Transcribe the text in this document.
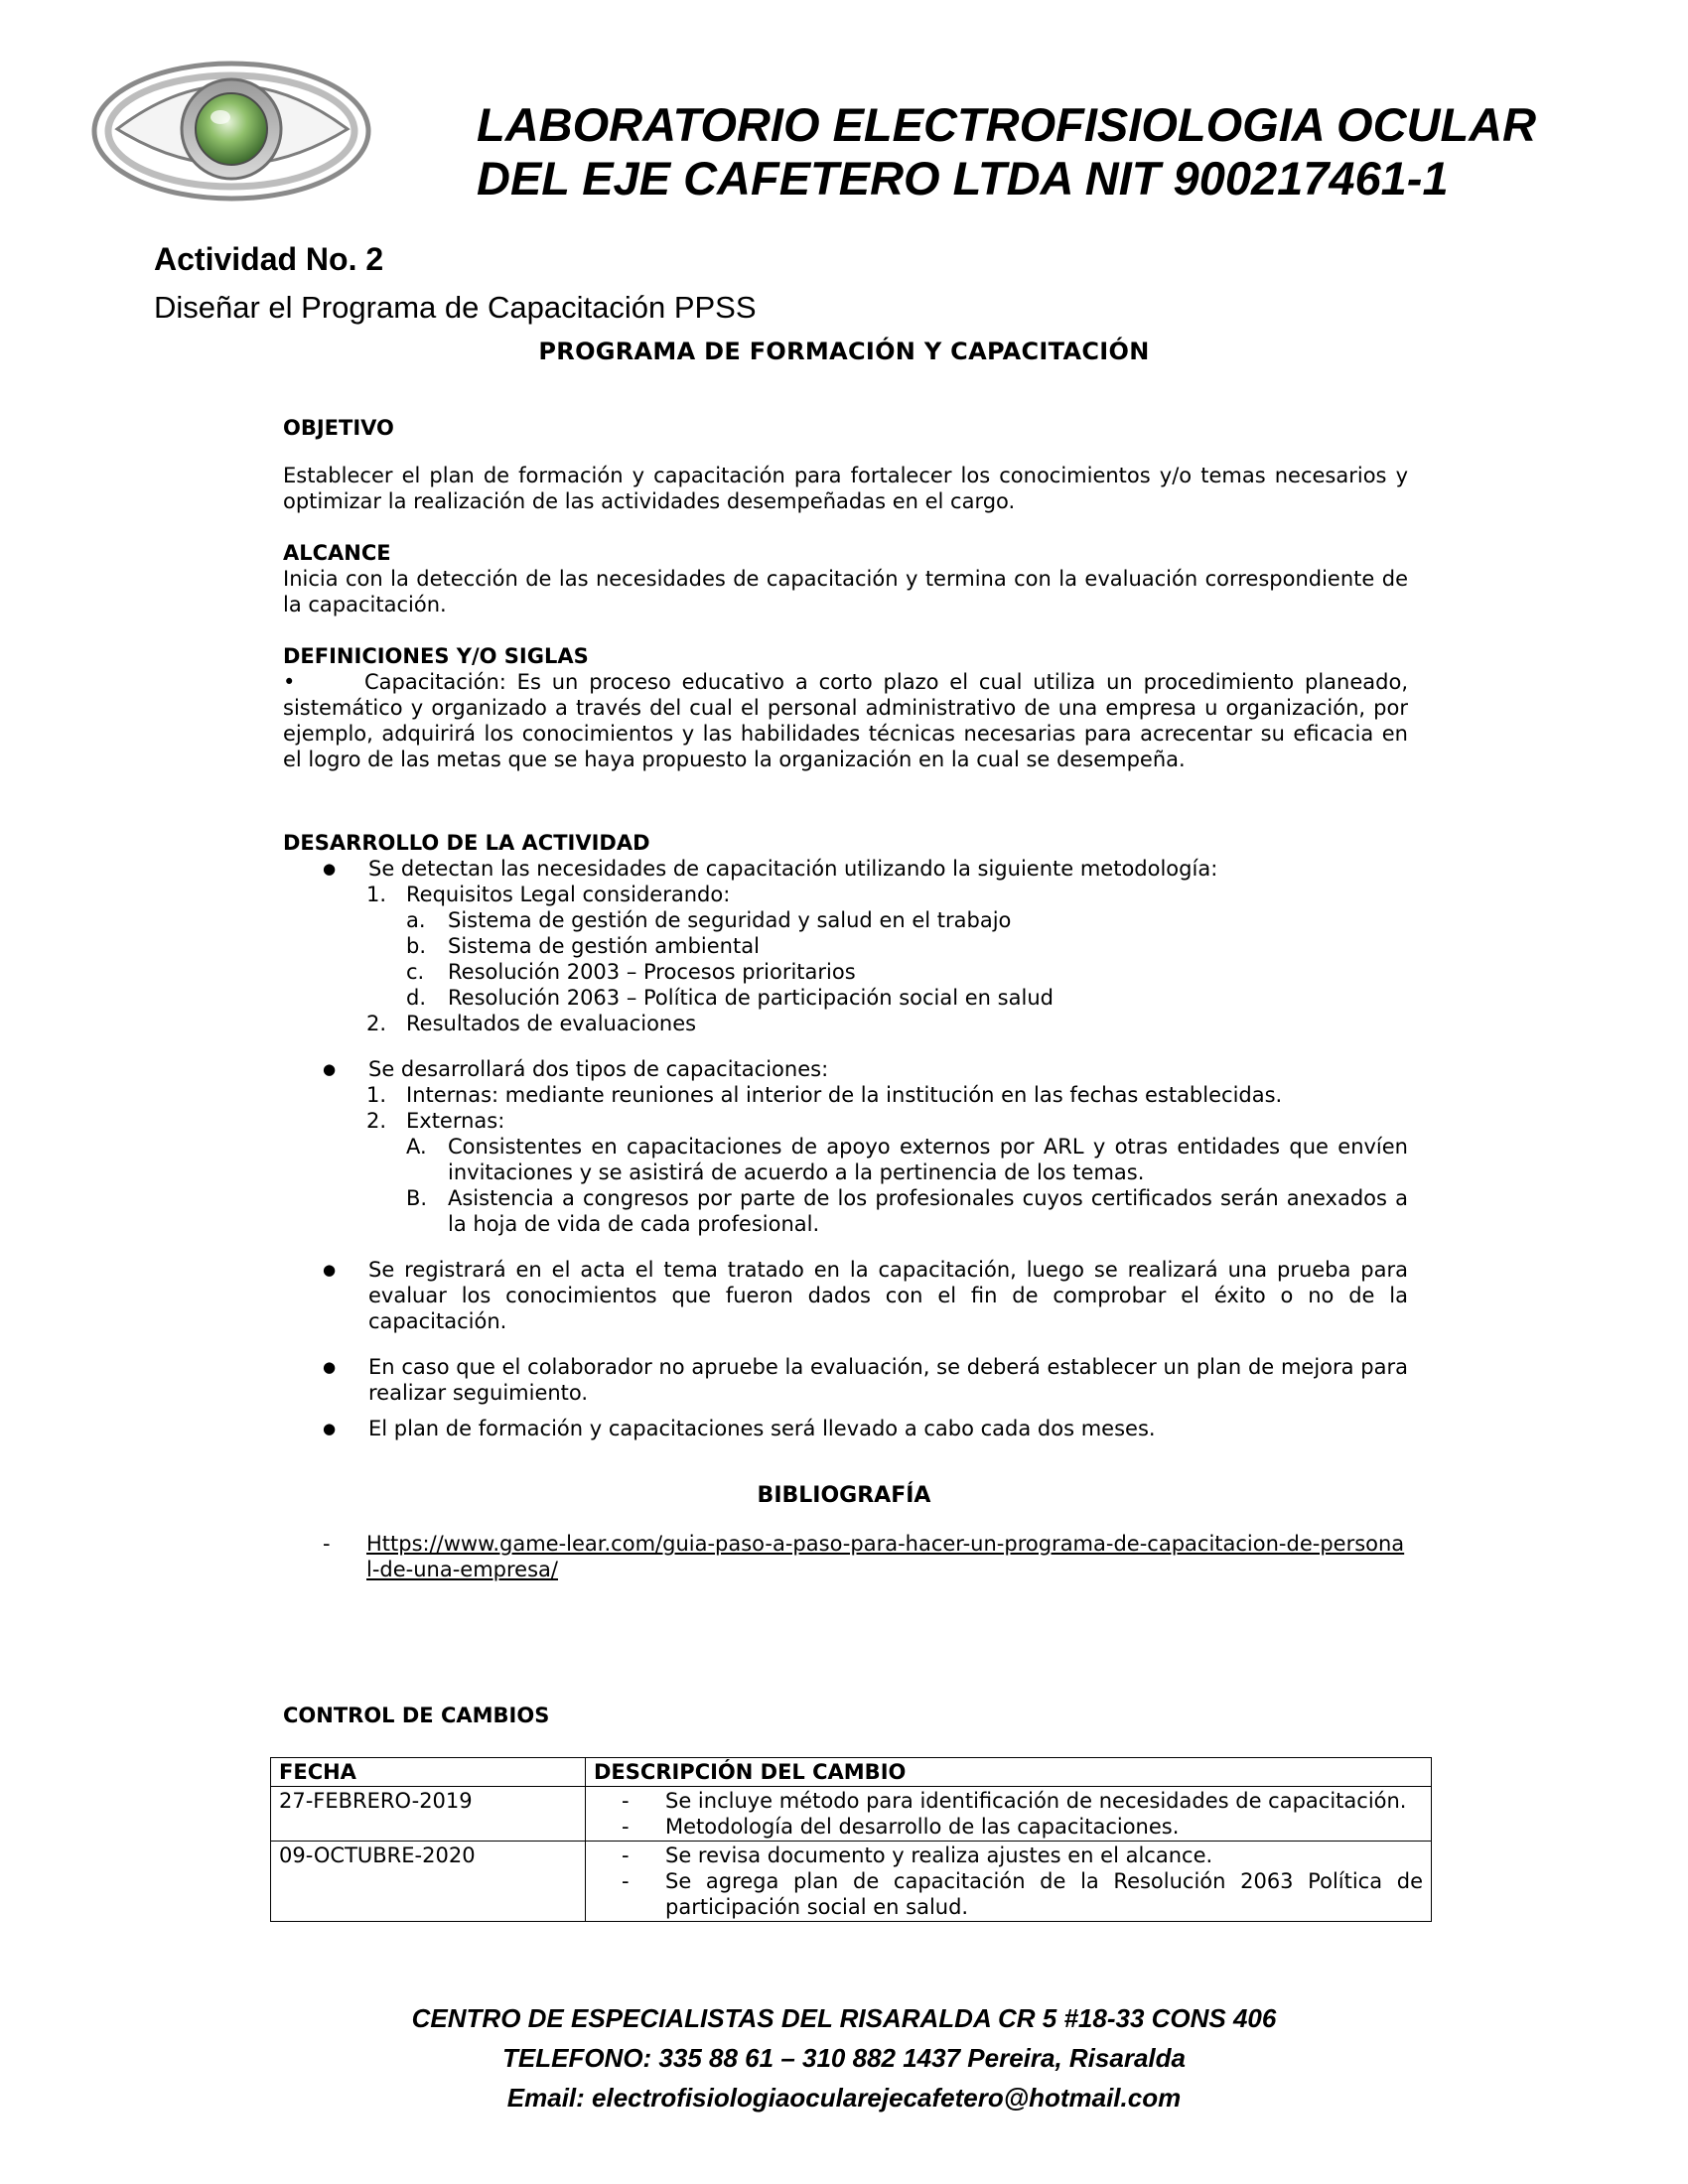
LABORATORIO ELECTROFISIOLOGIA OCULAR
DEL EJE CAFETERO LTDA NIT 900217461-1
Actividad No. 2
Diseñar el Programa de Capacitación PPSS
PROGRAMA DE FORMACIÓN Y CAPACITACIÓN
OBJETIVO

Establecer el plan de formación y capacitación para fortalecer los conocimientos y/o temas necesarios y optimizar la realización de las actividades desempeñadas en el cargo.

ALCANCE

Inicia con la detección de las necesidades de capacitación y termina con la evaluación correspondiente de la capacitación.

DEFINICIONES Y/O SIGLAS

•	Capacitación: Es un proceso educativo a corto plazo el cual utiliza un procedimiento planeado, sistemático y organizado a través del cual el personal administrativo de una empresa u organización, por ejemplo, adquirirá los conocimientos y las habilidades técnicas necesarias para acrecentar su eficacia en el logro de las metas que se haya propuesto la organización en la cual se desempeña.

DESARROLLO DE LA ACTIVIDAD
●	Se detectan las necesidades de capacitación utilizando la siguiente metodología:
1. Requisitos Legal considerando:
a.	Sistema de gestión de seguridad y salud en el trabajo
b.	Sistema de gestión ambiental
c.	Resolución 2003 – Procesos prioritarios
d.	Resolución 2063 – Política de participación social en salud
2. Resultados de evaluaciones
●	Se desarrollará dos tipos de capacitaciones:
1. Internas: mediante reuniones al interior de la institución en las fechas establecidas.
2. Externas:
A.	Consistentes en capacitaciones de apoyo externos por ARL y otras entidades que envíen invitaciones y se asistirá de acuerdo a la pertinencia de los temas.
B. Asistencia a congresos por parte de los profesionales cuyos certificados serán anexados a la hoja de vida de cada profesional.
●	Se registrará en el acta el tema tratado en la capacitación, luego se realizará una prueba para evaluar los conocimientos que fueron dados con el fin de comprobar el éxito o no de la capacitación.
●	En caso que el colaborador no apruebe la evaluación, se deberá establecer un plan de mejora para realizar seguimiento.
●	El plan de formación y capacitaciones será llevado a cabo cada dos meses.
BIBLIOGRAFÍA
-	Https://www.game-lear.com/guia-paso-a-paso-para-hacer-un-programa-de-capacitacion-de-personal-de-una-empresa/
CONTROL DE CAMBIOS
FECHA	DESCRIPCIÓN DEL CAMBIO
27-FEBRERO-2019	- Se incluye método para identificación de necesidades de capacitación.
- Metodología del desarrollo de las capacitaciones.

09-OCTUBRE-2020	- Se revisa documento y realiza ajustes en el alcance.
- Se agrega plan de capacitación de la Resolución 2063 Política de participación social en salud.
CENTRO DE ESPECIALISTAS DEL RISARALDA CR 5 #18-33 CONS 406
TELEFONO: 335 88 61 – 310 882 1437 Pereira, Risaralda
Email: electrofisiologiaocularejecafetero@hotmail.com
